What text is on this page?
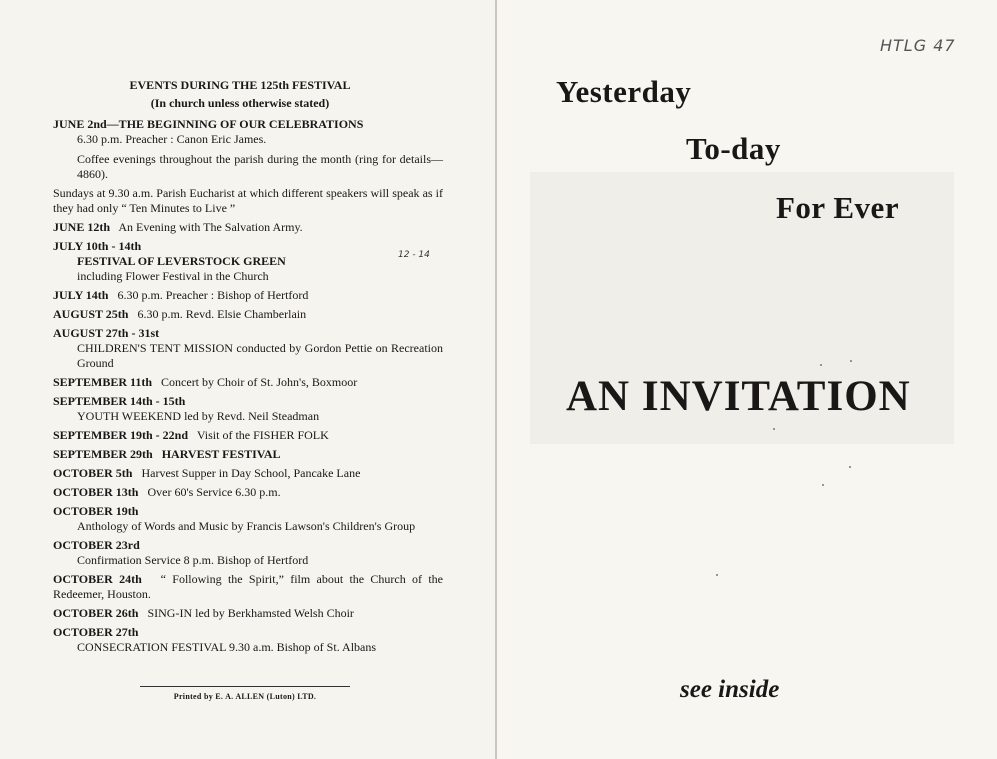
EVENTS DURING THE 125th FESTIVAL
(In church unless otherwise stated)
JUNE 2nd—THE BEGINNING OF OUR CELEBRATIONS
6.30 p.m. Preacher : Canon Eric James.
Coffee evenings throughout the parish during the month (ring for details—4860).
Sundays at 9.30 a.m. Parish Eucharist at which different speakers will speak as if they had only “ Ten Minutes to Live ”
JUNE 12th An Evening with The Salvation Army.
JULY 10th - 14th
FESTIVAL OF LEVERSTOCK GREEN
including Flower Festival in the Church
JULY 14th 6.30 p.m. Preacher : Bishop of Hertford
AUGUST 25th 6.30 p.m. Revd. Elsie Chamberlain
AUGUST 27th - 31st
CHILDREN'S TENT MISSION conducted by Gordon Pettie on Recreation Ground
SEPTEMBER 11th Concert by Choir of St. John's, Boxmoor
SEPTEMBER 14th - 15th
YOUTH WEEKEND led by Revd. Neil Steadman
SEPTEMBER 19th - 22nd Visit of the FISHER FOLK
SEPTEMBER 29th HARVEST FESTIVAL
OCTOBER 5th Harvest Supper in Day School, Pancake Lane
OCTOBER 13th Over 60's Service 6.30 p.m.
OCTOBER 19th
Anthology of Words and Music by Francis Lawson's Children's Group
OCTOBER 23rd
Confirmation Service 8 p.m. Bishop of Hertford
OCTOBER 24th “ Following the Spirit,” film about the Church of the Redeemer, Houston.
OCTOBER 26th SING-IN led by Berkhamsted Welsh Choir
OCTOBER 27th
CONSECRATION FESTIVAL 9.30 a.m. Bishop of St. Albans
12 - 14
Printed by E. A. ALLEN (Luton) LTD.
HTLG 47
Yesterday
To-day
For Ever
AN INVITATION
see inside
